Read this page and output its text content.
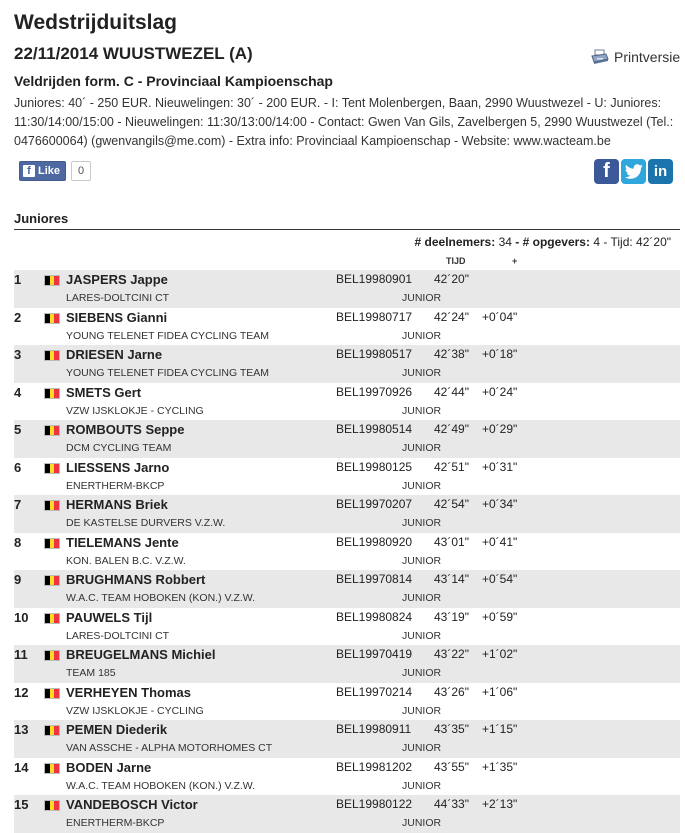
Wedstrijduitslag
22/11/2014 WUUSTWEZEL (A)	Printversie
Veldrijden form. C - Provinciaal Kampioenschap
Juniores: 40´ - 250 EUR. Nieuwelingen: 30´ - 200 EUR. - I: Tent Molenbergen, Baan, 2990 Wuustwezel - U: Juniores: 11:30/14:00/15:00 - Nieuwelingen: 11:30/13:00/14:00 - Contact: Gwen Van Gils, Zavelbergen 5, 2990 Wuustwezel (Tel.: 0476600064) (gwenvangils@me.com) - Extra info: Provinciaal Kampioenschap - Website: www.wacteam.be
f Like	0	f	in
Juniores
# deelnemers: 34 - # opgevers: 4 - Tijd: 42´20"
TIJD	+
1	JASPERS Jappe
LARES-DOLTCINI CT
BEL19980901
JUNIOR
42´20"
2	SIEBENS Gianni
YOUNG TELENET FIDEA CYCLING TEAM
BEL19980717
JUNIOR
42´24" +0´04"
3	DRIESEN Jarne
YOUNG TELENET FIDEA CYCLING TEAM
BEL19980517
JUNIOR
42´38" +0´18"
4	SMETS Gert
VZW IJSKLOKJE - CYCLING
BEL19970926
JUNIOR
42´44" +0´24"
5	ROMBOUTS Seppe
DCM CYCLING TEAM
BEL19980514
JUNIOR
42´49" +0´29"
6	LIESSENS Jarno
ENERTHERM-BKCP
BEL19980125
JUNIOR
42´51" +0´31"
7	HERMANS Briek
DE KASTELSE DURVERS V.Z.W.
BEL19970207
JUNIOR
42´54" +0´34"
8	TIELEMANS Jente
KON. BALEN B.C. V.Z.W.
BEL19980920
JUNIOR
43´01" +0´41"
9	BRUGHMANS Robbert
W.A.C. TEAM HOBOKEN (KON.) V.Z.W.
BEL19970814
JUNIOR
43´14" +0´54"
10	PAUWELS Tijl
LARES-DOLTCINI CT
BEL19980824
JUNIOR
43´19" +0´59"
11	BREUGELMANS Michiel
TEAM 185
BEL19970419
JUNIOR
43´22" +1´02"
12	VERHEYEN Thomas
VZW IJSKLOKJE - CYCLING
BEL19970214
JUNIOR
43´26" +1´06"
13	PEMEN Diederik
VAN ASSCHE - ALPHA MOTORHOMES CT
BEL19980911
JUNIOR
43´35" +1´15"
14	BODEN Jarne
W.A.C. TEAM HOBOKEN (KON.) V.Z.W.
BEL19981202
JUNIOR
43´55" +1´35"
15	VANDEBOSCH Victor
ENERTHERM-BKCP
BEL19980122
JUNIOR
44´33" +2´13"
